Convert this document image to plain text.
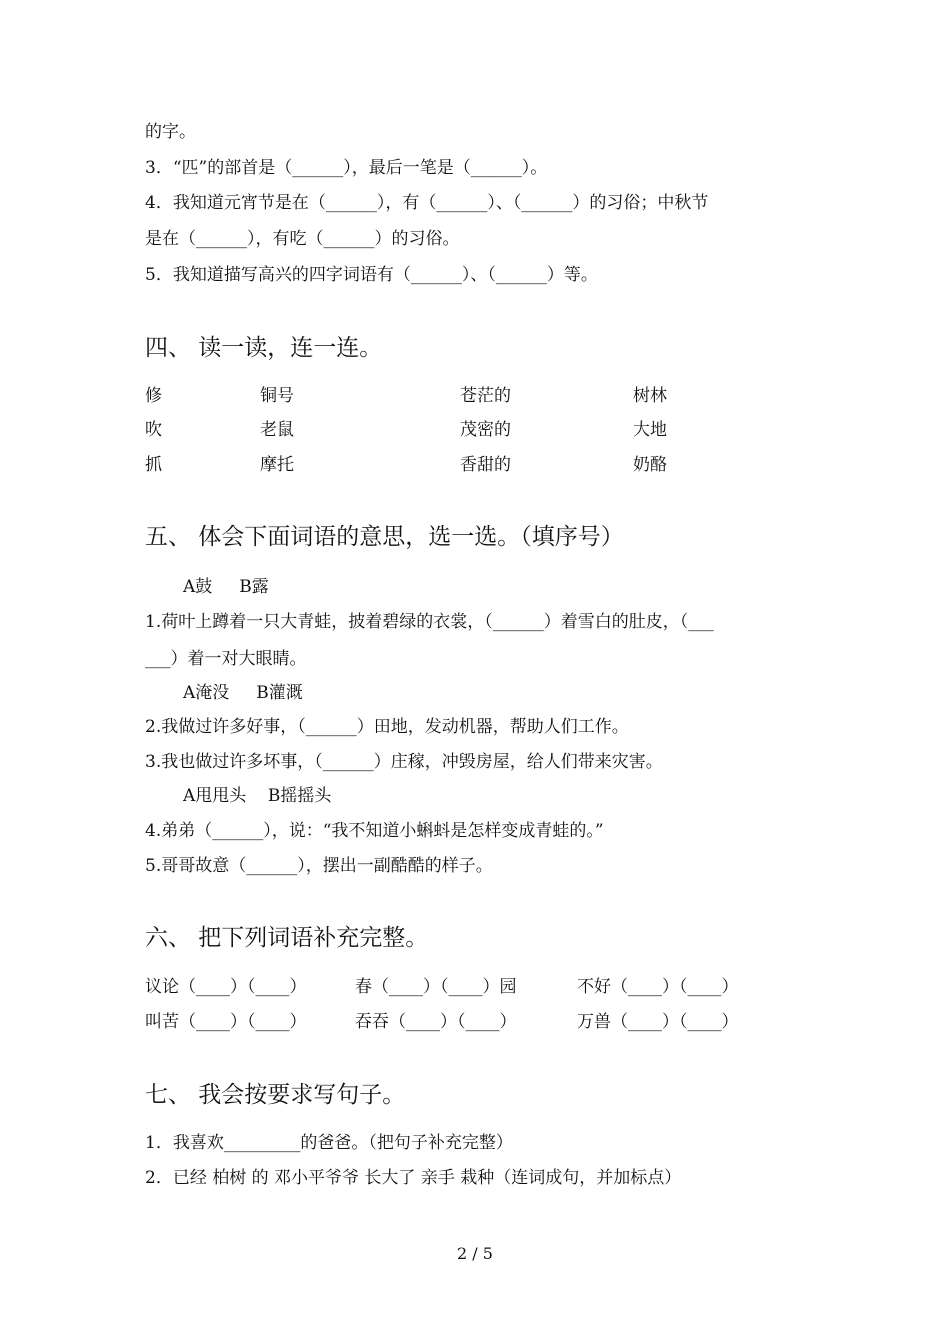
的字。
3．“匹”的部首是（______），最后一笔是（______）。
4．我知道元宵节是在（______），有（______）、（______）的习俗；中秋节
是在（______），有吃（______）的习俗。
5．我知道描写高兴的四字词语有（______）、（______）等。
四、 读一读，连一连。
修	铜号	苍茫的	树林
吹	老鼠	茂密的	大地
抓	摩托	香甜的	奶酪
五、 体会下面词语的意思，选一选。（填序号）
A鼓     B露
1.荷叶上蹲着一只大青蛙，披着碧绿的衣裳，（______）着雪白的肚皮，（___
___）着一对大眼睛。
A淹没     B灌溉
2.我做过许多好事，（______）田地，发动机器，帮助人们工作。
3.我也做过许多坏事，（______）庄稼，冲毁房屋，给人们带来灾害。
A甩甩头    B摇摇头
4.弟弟（______），说：“我不知道小蝌蚪是怎样变成青蛙的。”
5.哥哥故意（______），摆出一副酷酷的样子。
六、 把下列词语补充完整。
议论（____）（____）	春（____）（____）园	不好（____）（____）
叫苦（____）（____）	吞吞（____）（____）	万兽（____）（____）
七、 我会按要求写句子。
1．我喜欢_________的爸爸。（把句子补充完整）
2．已经 柏树 的 邓小平爷爷 长大了 亲手 栽种（连词成句，并加标点）
2 / 5
